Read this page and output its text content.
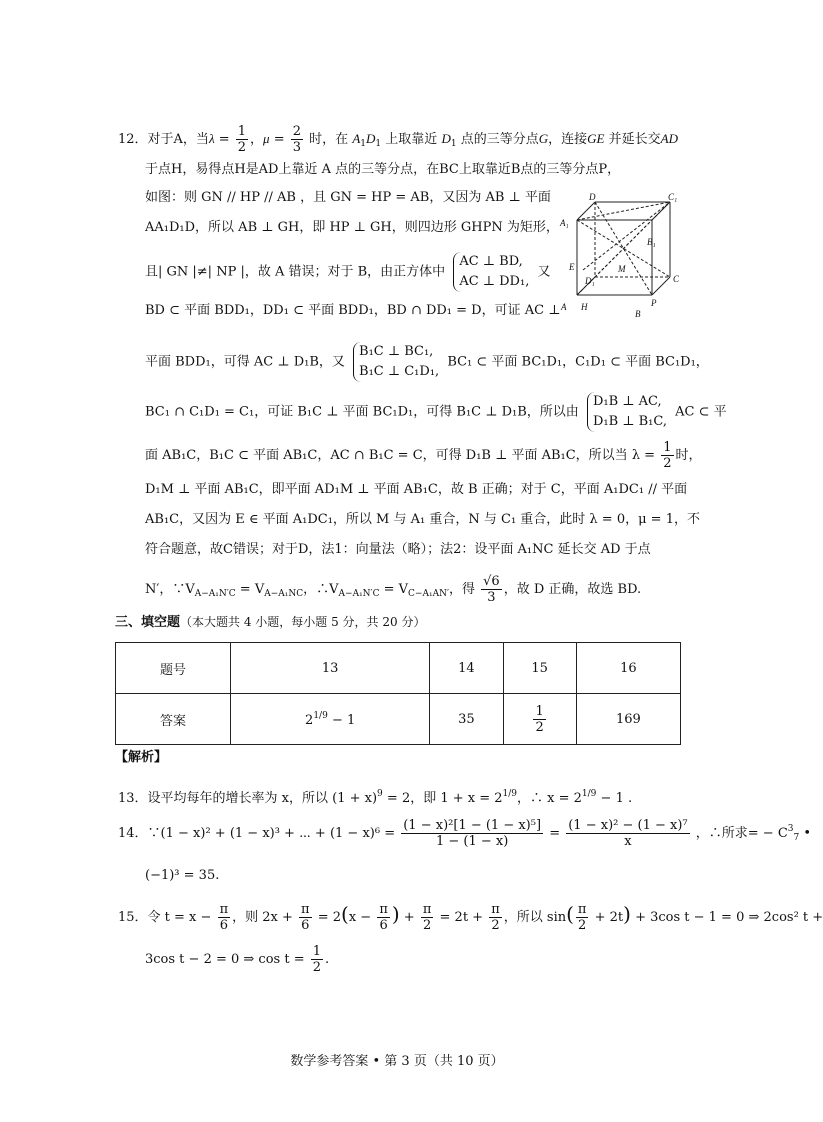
12．对于A，当$\lambda = \frac{1}{2}$ ，$\mu = \frac{2}{3}$ 时，在 $A_1D_1$ 上取靠近 $D_1$ 点的三等分点G，连接GE 并延长交AD
于点H，易得点H是AD上靠近 A 点的三等分点，在BC上取靠近B点的三等分点P，
如图：则 GN // HP // AB ，且 GN = HP = AB，又因为 AB ⊥ 平面
AA₁D₁D，所以 AB ⊥ GH，即 HP ⊥ GH，则四边形 GHPN 为矩形，
且| GN |≠| NP |，故 A 错误；对于 B，由正方体中
AC ⊥ BD,
AC ⊥ DD₁,
又
BD ⊂ 平面 BDD₁，DD₁ ⊂ 平面 BDD₁，BD ∩ DD₁ = D，可证 AC ⊥
平面 BDD₁，可得 AC ⊥ D₁B，又
B₁C ⊥ BC₁,
B₁C ⊥ C₁D₁,
BC₁ ⊂ 平面 BC₁D₁，C₁D₁ ⊂ 平面 BC₁D₁，
BC₁ ∩ C₁D₁ = C₁，可证 B₁C ⊥ 平面 BC₁D₁，可得 B₁C ⊥ D₁B，所以由
D₁B ⊥ AC,
D₁B ⊥ B₁C,
AC ⊂ 平
面 AB₁C，B₁C ⊂ 平面 AB₁C，AC ∩ B₁C = C，可得 D₁B ⊥ 平面 AB₁C，所以当 $\lambda = \frac{1}{2}$ 时，
D₁M ⊥ 平面 AB₁C，即平面 AD₁M ⊥ 平面 AB₁C，故 B 正确；对于 C，平面 A₁DC₁ // 平面
AB₁C，又因为 E ∈ 平面 A₁DC₁，所以 M 与 A₁ 重合，N 与 C₁ 重合，此时 λ = 0，μ = 1，不
符合题意，故C错误；对于D，法1：向量法（略）；法2：设平面 A₁NC 延长交 AD 于点
N′，$\because V_{A-A_1N'C} = V_{A-A_1NC}$，$\therefore V_{A-A_1N'C} = V_{C-A_1AN'}$，得 $\frac{√6}{3}$ ，故 D 正确，故选 BD.
D	C₁
A₁
B₁
E
D₁
M
H
A	P
B
C
三、填空题（本大题共 4 小题，每小题 5 分，共 20 分）
题号	13	14	15	16
答案	$2^{1/9} - 1$	35	$\frac{1}{2}$	169
【解析】
13．设平均每年的增长率为 x，所以 $(1 + x)^9 = 2$，即 $1 + x = 2^{1/9}$，∴ $x = 2^{1/9} - 1$ .
14．∵(1 − x)² + (1 − x)³ + ⋯ + $(1 - x)^6 = \frac{\text{(1 − x)²[1 − (1 − x)⁵]}}{1 - (1 - x)} = \frac{\text{(1 − x)² − (1 − x)⁷}}{x}$ ，∴所求= − $C^3_7$ •
(−1)³ = 35.
15．令 $t = x - \frac{\pi}{6}$ ，则 $2x + \frac{\pi}{6} = 2(x - \frac{\pi}{6}$ ) + $\frac{\pi}{2} = 2t + \frac{\pi}{2}$ ，所以 $\sin( \frac{\pi}{2} + 2t) + 3\cos$ t − 1 = 0 ⇒ 2cos² t +
3cos t − 2 = 0 ⇒ $\cos t = \frac{1}{2}$ .
数学参考答案 • 第 3 页（共 10 页）
